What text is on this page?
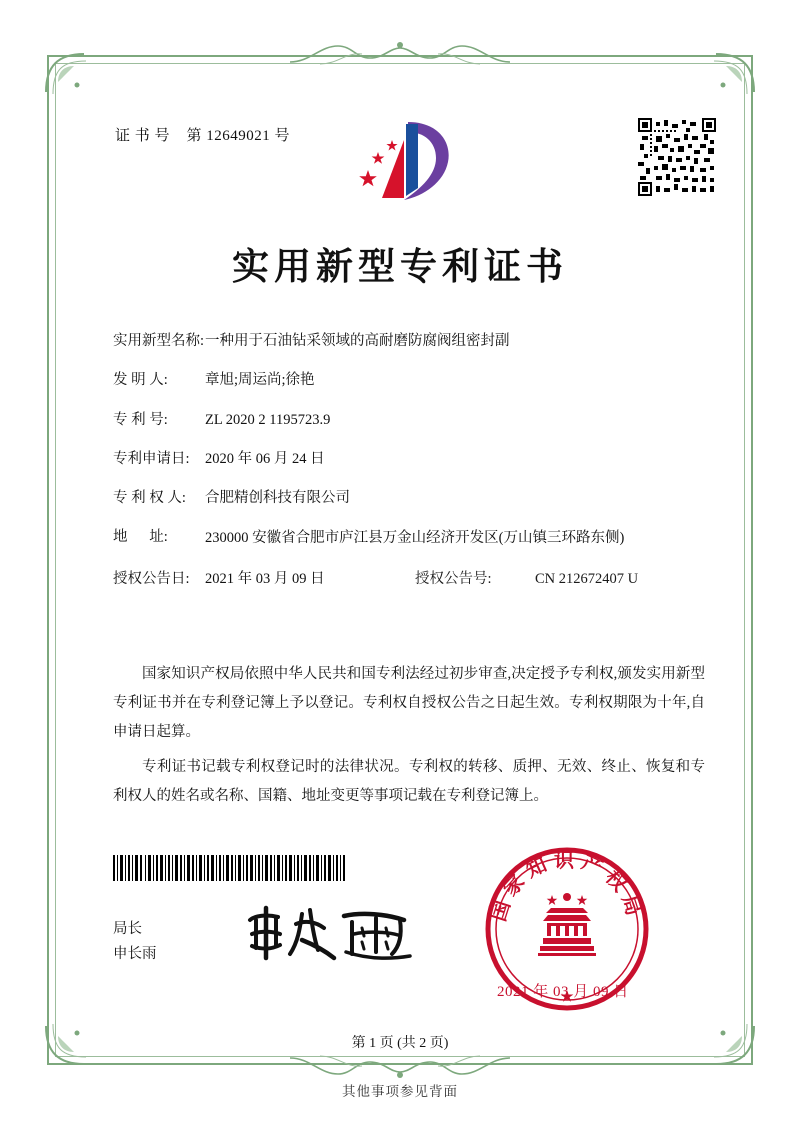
证 书 号 第 12649021 号
实用新型专利证书
实用新型名称: 一种用于石油钻采领域的高耐磨防腐阀组密封副
发 明 人:	章旭;周运尚;徐艳
专 利 号:	ZL 2020 2 1195723.9
专利申请日:	2020 年 06 月 24 日
专 利 权 人:	合肥精创科技有限公司
地      址:	230000 安徽省合肥市庐江县万金山经济开发区(万山镇三环路东侧)
授权公告日:	2021 年 03 月 09 日	授权公告号:	CN 212672407 U

国家知识产权局依照中华人民共和国专利法经过初步审查,决定授予专利权,颁发实用新型专利证书并在专利登记簿上予以登记。专利权自授权公告之日起生效。专利权期限为十年,自申请日起算。

专利证书记载专利权登记时的法律状况。专利权的转移、质押、无效、终止、恢复和专利权人的姓名或名称、国籍、地址变更等事项记载在专利登记簿上。

局长
申长雨
国家知识产权局
2021 年 03 月 09 日
第 1 页 (共 2 页)
其他事项参见背面
